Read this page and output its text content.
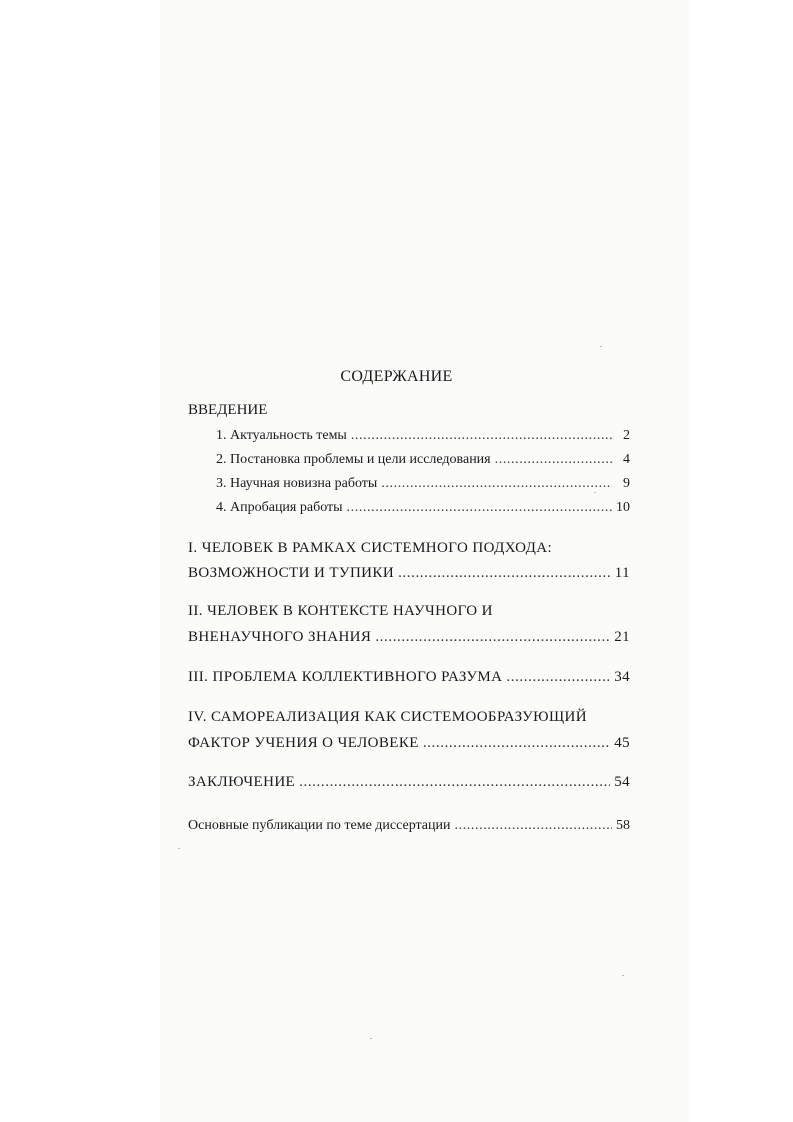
СОДЕРЖАНИЕ
ВВЕДЕНИЕ
1. Актуальность темы .....	2
2. Постановка проблемы и цели исследования .....	4
3. Научная новизна работы .....	9
4. Апробация работы .....	10
I. ЧЕЛОВЕК В РАМКАХ СИСТЕМНОГО ПОДХОДА:
ВОЗМОЖНОСТИ И ТУПИКИ .....	11
II. ЧЕЛОВЕК В КОНТЕКСТЕ НАУЧНОГО И
ВНЕНАУЧНОГО ЗНАНИЯ .....	21
III. ПРОБЛЕМА КОЛЛЕКТИВНОГО РАЗУМА .....	34
IV. САМОРЕАЛИЗАЦИЯ КАК СИСТЕМООБРАЗУЮЩИЙ
ФАКТОР УЧЕНИЯ О ЧЕЛОВЕКЕ .....	45
ЗАКЛЮЧЕНИЕ .....	54
Основные публикации по теме диссертации .....	58
